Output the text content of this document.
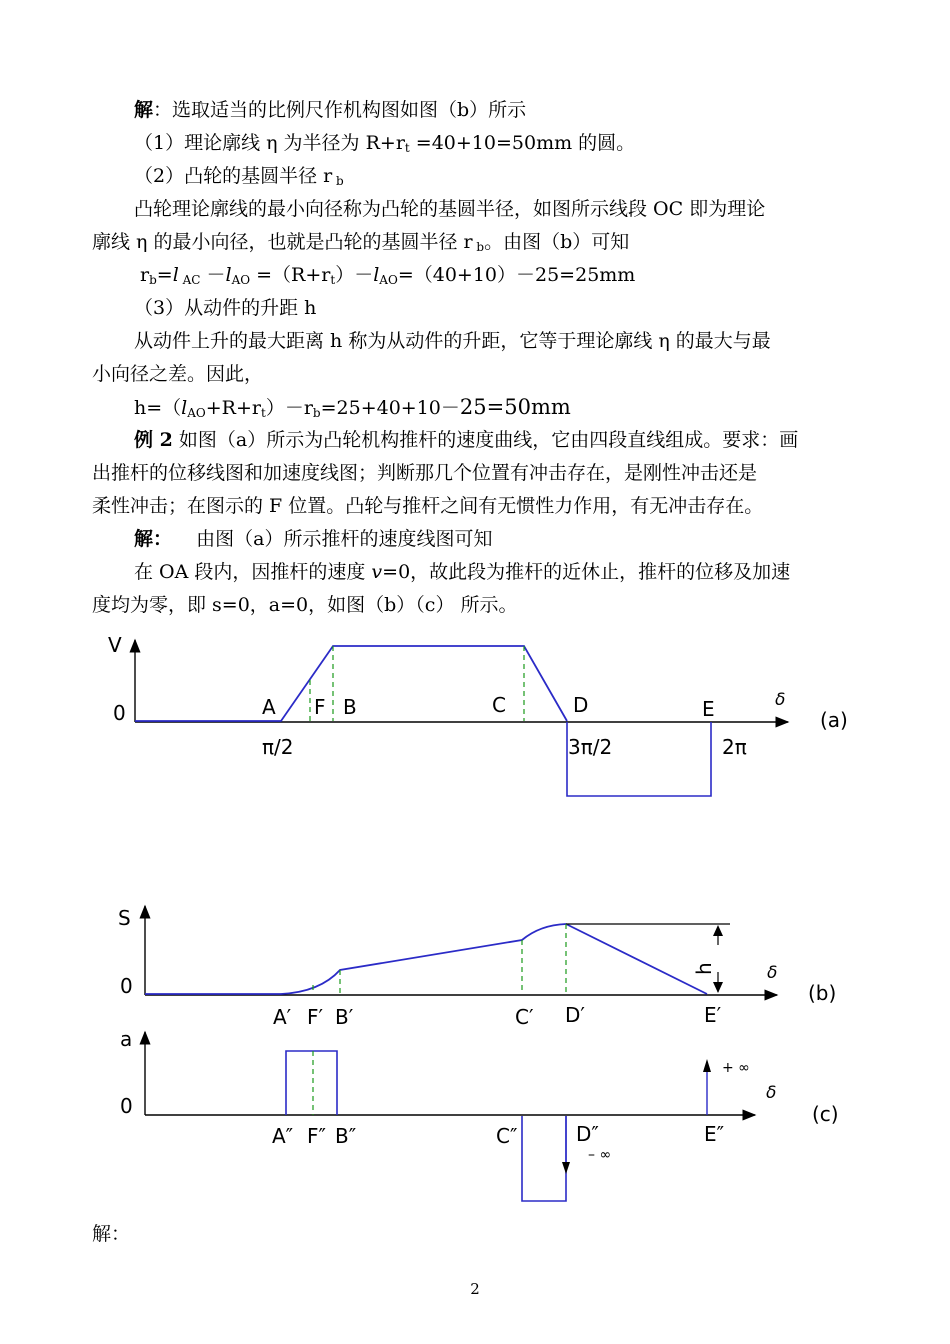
解：选取适当的比例尺作机构图如图（b）所示
（1）理论廓线 η 为半径为 $R+r_t =40+10=50mm$ 的圆。
（2）凸轮的基圆半径 r $_b$
凸轮理论廓线的最小向径称为凸轮的基圆半径，如图所示线段 OC 即为理论
廓线 η 的最小向径，也就是凸轮的基圆半径 r $_b$。由图（b）可知
$r_b=l$ $_{AC} -l_{AO} =(R+r_t)-l_{AO}=(40+10)-25=25mm$
（3）从动件的升距 h
从动件上升的最大距离 h 称为从动件的升距，它等于理论廓线 η 的最大与最
小向径之差。因此，
$h=(l_{AO}+R+r_t)-r_b=25+40+10-25=50mm$
例 2 如图（a）所示为凸轮机构推杆的速度曲线，它由四段直线组成。要求：画
出推杆的位移线图和加速度线图；判断那几个位置有冲击存在，是刚性冲击还是
柔性冲击；在图示的 F 位置。凸轮与推杆之间有无惯性力作用，有无冲击存在。
解：    由图（a）所示推杆的速度线图可知
在 OA 段内，因推杆的速度 v=0，故此段为推杆的近休止，推杆的位移及加速
度均为零，即 s=0，a=0，如图（b）（c） 所示。
V
0	A F B	C	D	E	δ
(a)
π/2	3π/2	2π
h
S
0
A′ F′ B′	C′ D′	E′
δ
(b)
+ ∞
– ∞
a
0
A″ F″ B″	C″	D″	E″
δ
(c)
解：
2
